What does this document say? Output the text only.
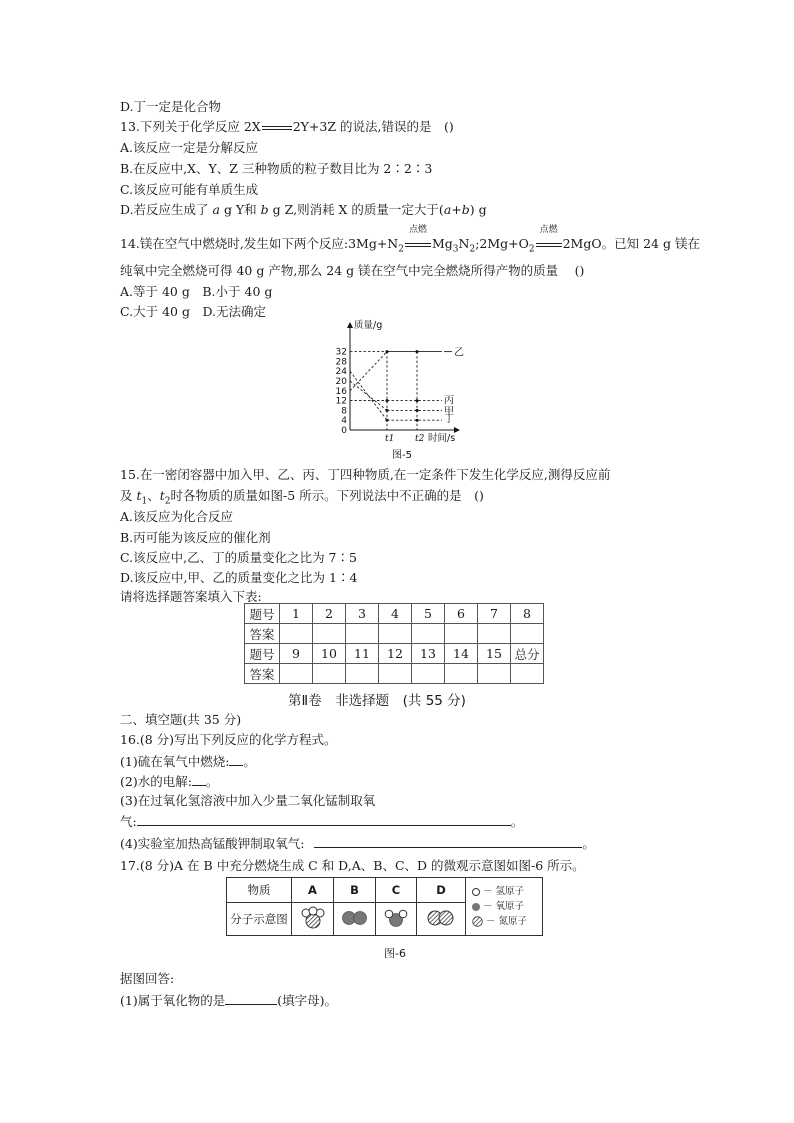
D.丁一定是化合物
13.下列关于化学反应 2X	2Y+3Z 的说法,错误的是　()
A.该反应一定是分解反应
B.在反应中,X、Y、Z 三种物质的粒子数目比为 2∶2∶3
C.该反应可能有单质生成
D.若反应生成了 a g Y和 b g Z,则消耗 X 的质量一定大于(a+b) g
14.镁在空气中燃烧时,发生如下两个反应$:3Mg+N_2$
点燃
$Mg_3N_2;2Mg+O_2$
点燃
2MgO。已知 24 g 镁在
纯氧中完全燃烧可得 40 g 产物,那么 24 g 镁在空气中完全燃烧所得产物的质量　 ()
A.等于 40 g　B.小于 40 g
C.大于 40 g　D.无法确定
质量/g
时间/s
0
4
8
12
16
20
24
28
32
t1 t2
乙
丙
甲
丁
图-5
15.在一密闭容器中加入甲、乙、丙、丁四种物质,在一定条件下发生化学反应,测得反应前
及 $t_1$、$t_2$时各物质的质量如图-5 所示。下列说法中不正确的是　()
A.该反应为化合反应
B.丙可能为该反应的催化剂
C.该反应中,乙、丁的质量变化之比为 7∶5
D.该反应中,甲、乙的质量变化之比为 1∶4
请将选择题答案填入下表:
题号	1	2	3	4	5	6	7	8
答案								
题号	9	10	11	12	13	14	15	总分
答案								
第Ⅱ卷　非选择题　(共 55 分)
二、填空题(共 35 分)
16.(8 分)写出下列反应的化学方程式。
(1)硫在氧气中燃烧: 。
(2)水的电解: 。
(3)在过氧化氢溶液中加入少量二氧化锰制取氧
气:	。
(4)实验室加热高锰酸钾制取氧气:	。
17.(8 分)A 在 B 中充分燃烧生成 C 和 D,A、B、C、D 的微观示意图如图-6 所示。
物质	A	B	C	D	－ 氢原子
－ 氧原子
－ 氮原子

分子示意图				
图-6
据图回答:
(1)属于氧化物的是	(填字母)。
